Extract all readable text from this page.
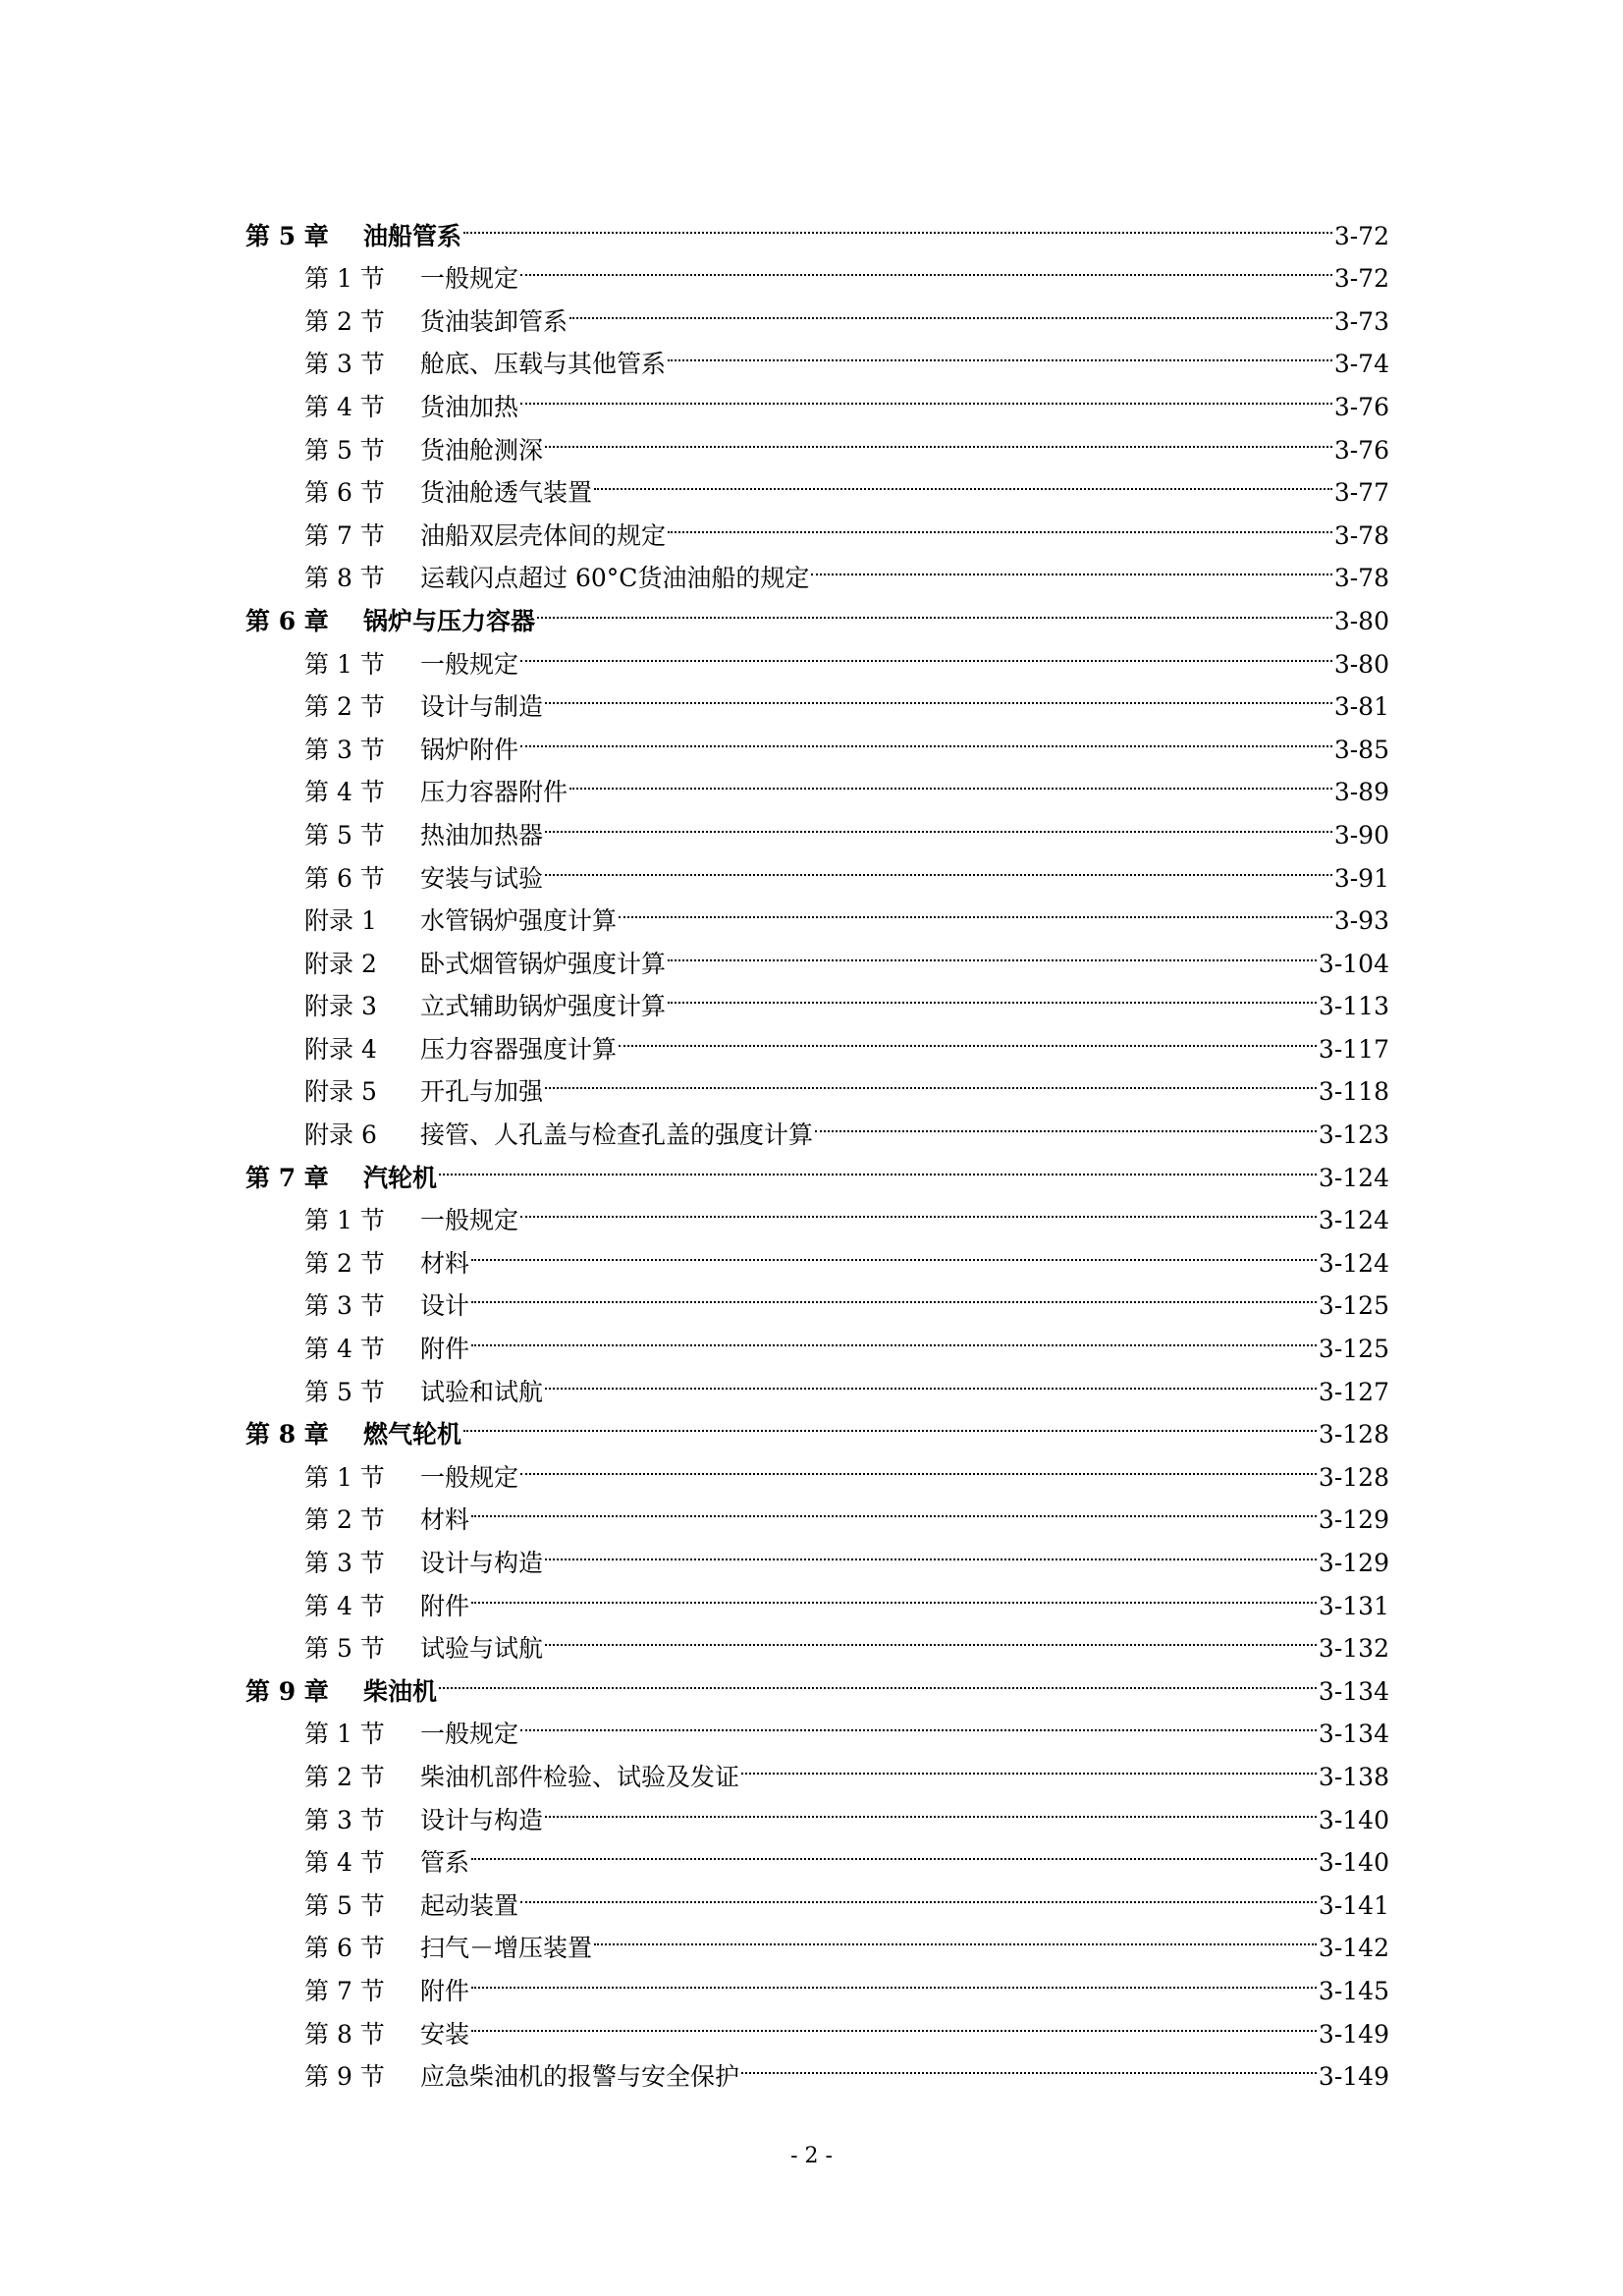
第 5 章	油船管系	3-72
第 1 节	一般规定	3-72
第 2 节	货油装卸管系	3-73
第 3 节	舱底、压载与其他管系	3-74
第 4 节	货油加热	3-76
第 5 节	货油舱测深	3-76
第 6 节	货油舱透气装置	3-77
第 7 节	油船双层壳体间的规定	3-78
第 8 节	运载闪点超过 60°C货油油船的规定	3-78
第 6 章	锅炉与压力容器	3-80
第 1 节	一般规定	3-80
第 2 节	设计与制造	3-81
第 3 节	锅炉附件	3-85
第 4 节	压力容器附件	3-89
第 5 节	热油加热器	3-90
第 6 节	安装与试验	3-91
附录 1	水管锅炉强度计算	3-93
附录 2	卧式烟管锅炉强度计算	3-104
附录 3	立式辅助锅炉强度计算	3-113
附录 4	压力容器强度计算	3-117
附录 5	开孔与加强	3-118
附录 6	接管、人孔盖与检查孔盖的强度计算	3-123
第 7 章	汽轮机	3-124
第 1 节	一般规定	3-124
第 2 节	材料	3-124
第 3 节	设计	3-125
第 4 节	附件	3-125
第 5 节	试验和试航	3-127
第 8 章	燃气轮机	3-128
第 1 节	一般规定	3-128
第 2 节	材料	3-129
第 3 节	设计与构造	3-129
第 4 节	附件	3-131
第 5 节	试验与试航	3-132
第 9 章	柴油机	3-134
第 1 节	一般规定	3-134
第 2 节	柴油机部件检验、试验及发证	3-138
第 3 节	设计与构造	3-140
第 4 节	管系	3-140
第 5 节	起动装置	3-141
第 6 节	扫气－增压装置	3-142
第 7 节	附件	3-145
第 8 节	安装	3-149
第 9 节	应急柴油机的报警与安全保护	3-149
- 2 -
